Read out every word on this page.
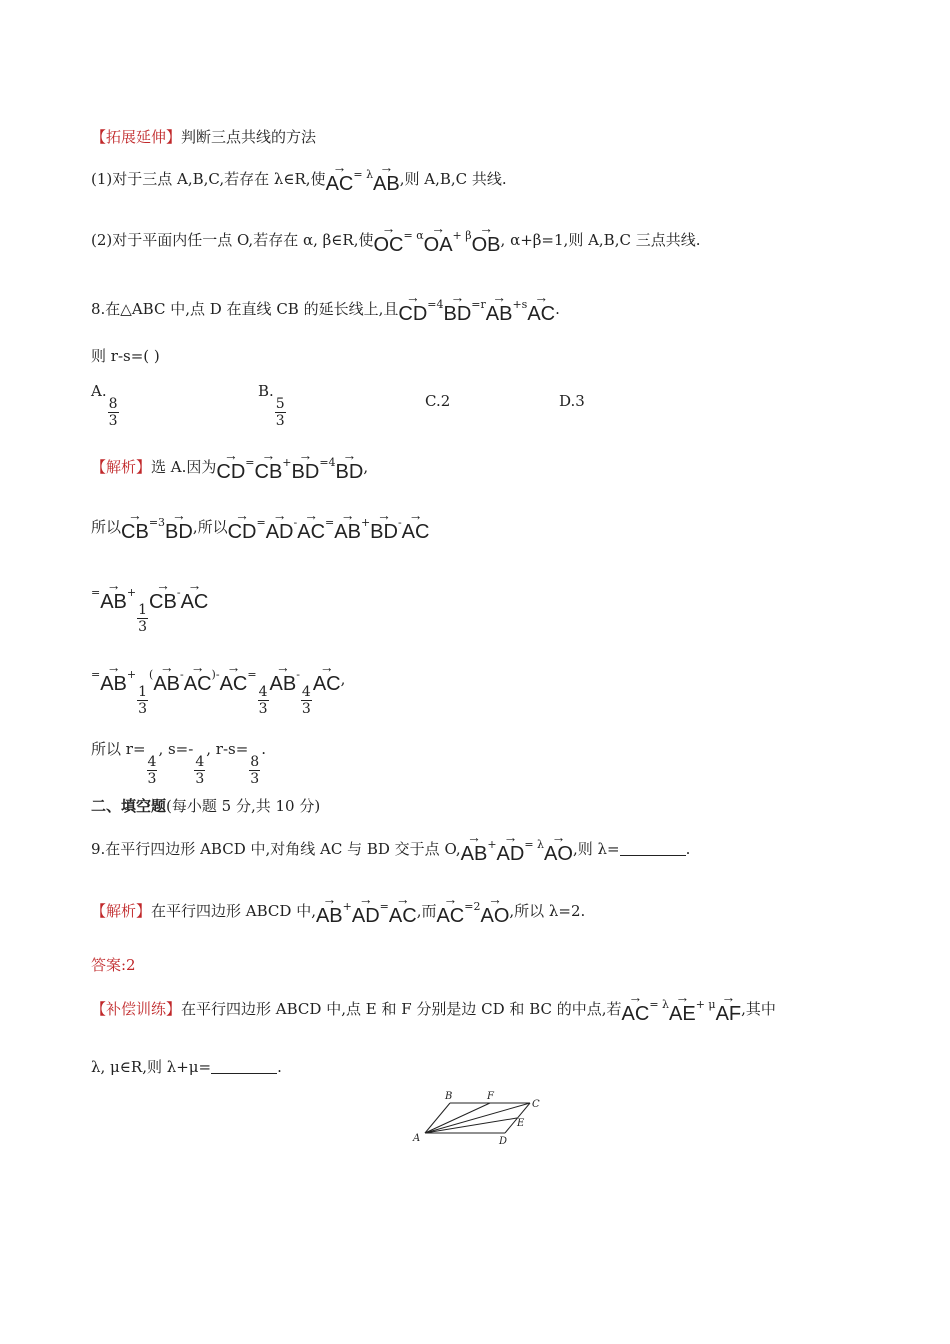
【拓展延伸】判断三点共线的方法
(1)对于三点 A,B,C,若存在 λ∈R,使→ $AC^{= \lambda}\to$ AB,则 A,B,C 共线.
(2)对于平面内任一点 O,若存在 α, β∈R,使→ $OC^{= \alpha}\to OA^{+ \beta}\to$ OB, α+β=1,则 A,B,C 三点共线.
8.在△ABC 中,点 D 在直线 CB 的延长线上,且→ $CD^{=4}\to BD^{=r}\to AB^{+s}\to$ AC.
则 r-s=( )
A.
$\frac{8}{3}$
B.
$\frac{5}{3}$	C.2	D.3
【解析】选 A.因为→ $CD^=\to CB^+\to BD^{=4}\to$ BD,
所以→ $CB^{=3}\to$ BD,所以→ CD=→ AD-→ AC=→ AB+→ BD-→ AC
=→ AB+
$\frac{1}{3}$
→ CB-→ AC
=→ AB+
$\frac{1}{3}$
(→ AB-→ AC)-→ AC=
$\frac{4}{3}$
→ AB-
$\frac{4}{3}$
→ AC,
所以 r=
$\frac{4}{3}$
, s=-
$\frac{4}{3}$
, r-s=
$\frac{8}{3}$
.
二、填空题(每小题 5 分,共 10 分)
9.在平行四边形 ABCD 中,对角线 AC 与 BD 交于点 $O,\to AB^+\to AD^{= \lambda}\to$ AO,则 λ=	.
【解析】在平行四边形 ABCD 中,→ AB+→ AD=→ AC,而→ $AC^{=2}\to$ AO,所以 λ=2.
答案:2
【补偿训练】在平行四边形 ABCD 中,点 E 和 F 分别是边 CD 和 BC 的中点,若→ $AC^{= \lambda}\to AE^{+ \mu}\to$ AF,其中
λ, μ∈R,则 λ+μ=	.
A
B
C
D
E
F
